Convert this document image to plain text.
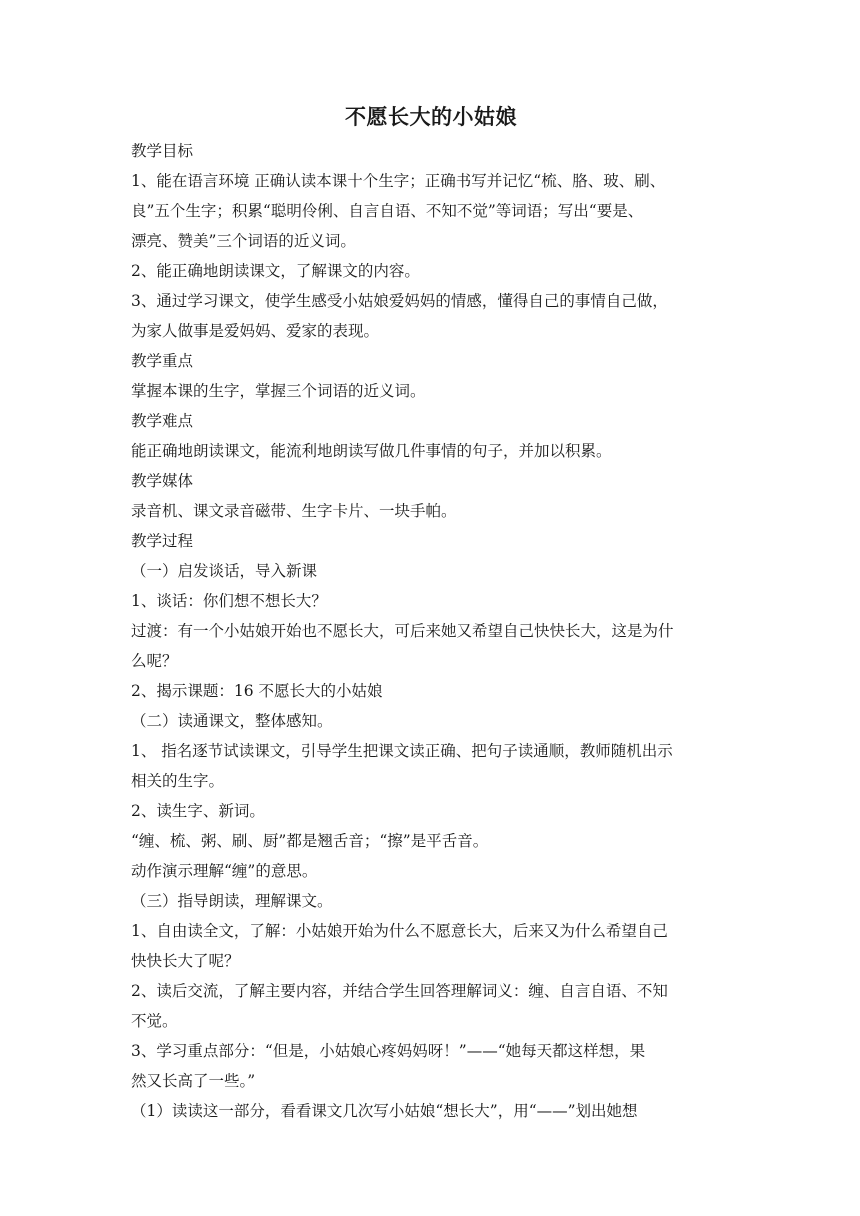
不愿长大的小姑娘

教学目标

1、能在语言环境 正确认读本课十个生字；正确书写并记忆“梳、胳、玻、刷、

良”五个生字；积累“聪明伶俐、自言自语、不知不觉”等词语；写出“要是、

漂亮、赞美”三个词语的近义词。

2、能正确地朗读课文，了解课文的内容。

3、通过学习课文，使学生感受小姑娘爱妈妈的情感，懂得自己的事情自己做，

为家人做事是爱妈妈、爱家的表现。

教学重点

掌握本课的生字，掌握三个词语的近义词。

教学难点

能正确地朗读课文，能流利地朗读写做几件事情的句子，并加以积累。

教学媒体

录音机、课文录音磁带、生字卡片、一块手帕。

教学过程

（一）启发谈话，导入新课

1、谈话：你们想不想长大？

过渡：有一个小姑娘开始也不愿长大，可后来她又希望自己快快长大，这是为什

么呢？

2、揭示课题：16 不愿长大的小姑娘

（二）读通课文，整体感知。

1、 指名逐节试读课文，引导学生把课文读正确、把句子读通顺，教师随机出示

相关的生字。

2、读生字、新词。

“缠、梳、粥、刷、厨”都是翘舌音；“擦”是平舌音。

动作演示理解“缠”的意思。

（三）指导朗读，理解课文。

1、自由读全文，了解：小姑娘开始为什么不愿意长大，后来又为什么希望自己

快快长大了呢？

2、读后交流，了解主要内容，并结合学生回答理解词义：缠、自言自语、不知

不觉。

3、学习重点部分：“但是，小姑娘心疼妈妈呀！”——“她每天都这样想，果

然又长高了一些。”

（1）读读这一部分，看看课文几次写小姑娘“想长大”，用“——”划出她想
